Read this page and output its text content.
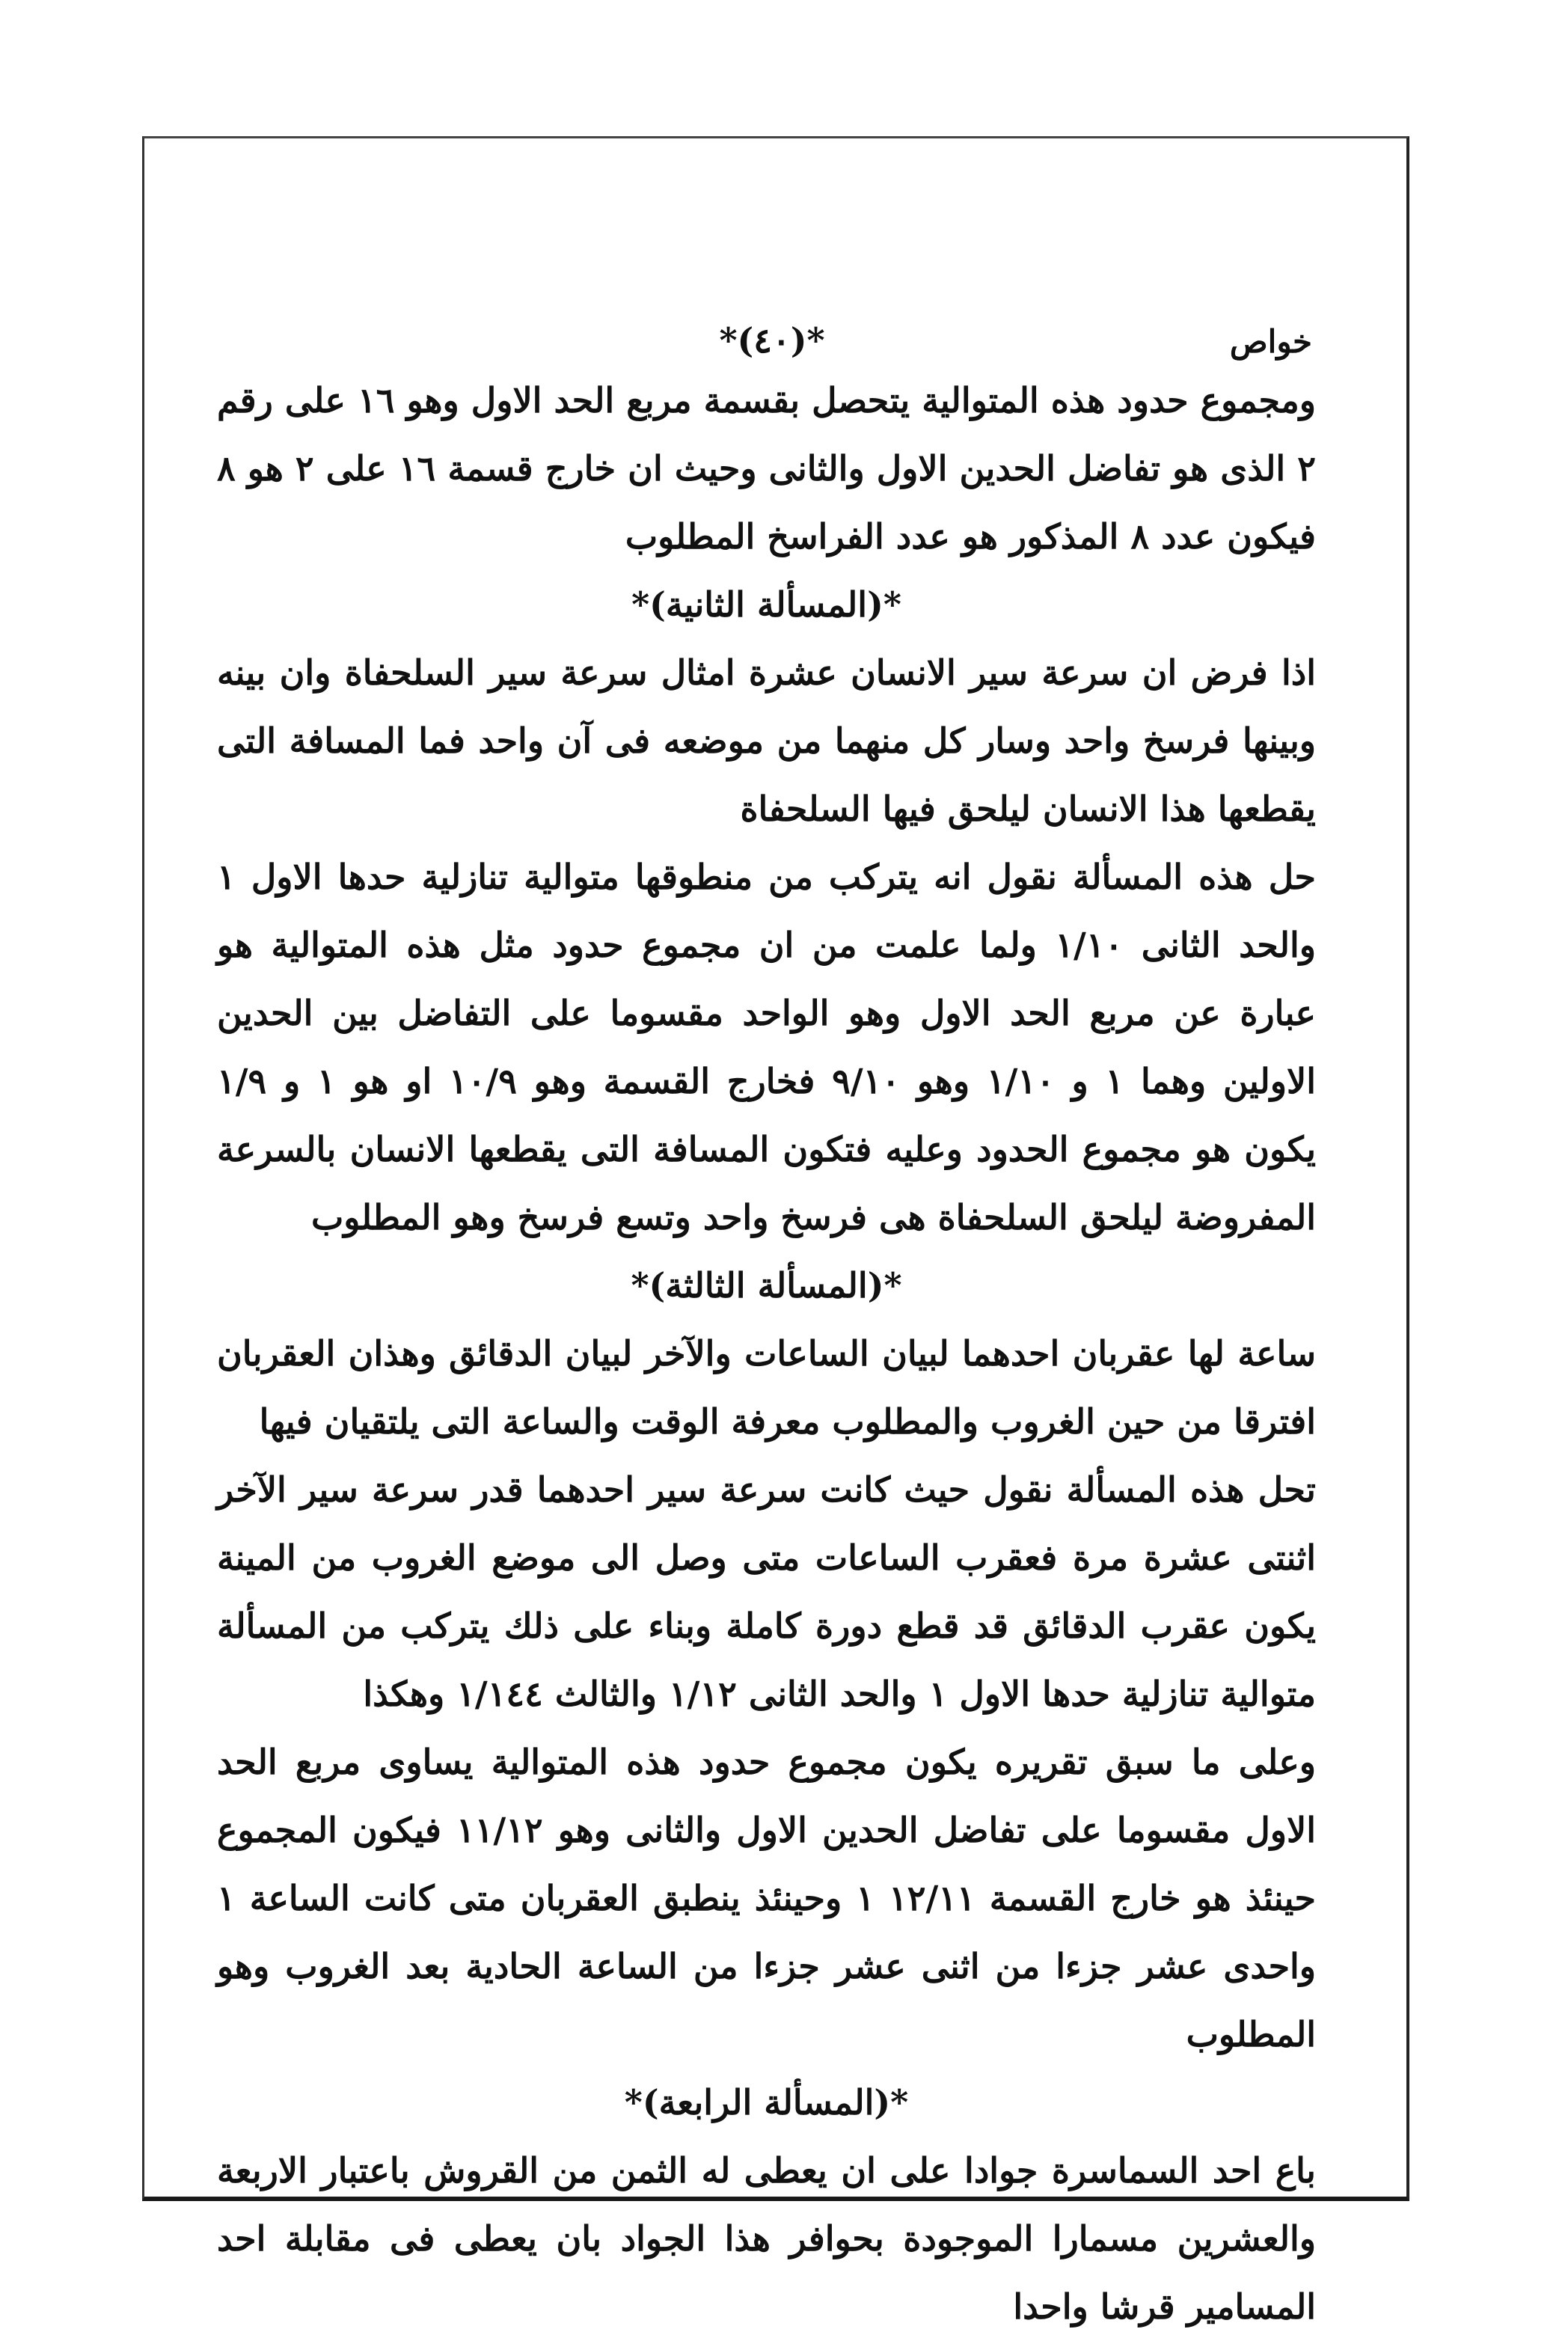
خواص
*(٤٠)*

ومجموع حدود هذه المتوالية يتحصل بقسمة مربع الحد الاول وهو ١٦ على رقم ٢ الذى هو تفاضل الحدين الاول والثانى وحيث ان خارج قسمة ١٦ على ٢ هو ٨ فيكون عدد ٨ المذكور هو عدد الفراسخ المطلوب

*(المسألة الثانية)*

اذا فرض ان سرعة سير الانسان عشرة امثال سرعة سير السلحفاة وان بينه وبينها فرسخ واحد وسار كل منهما من موضعه فى آن واحد فما المسافة التى يقطعها هذا الانسان ليلحق فيها السلحفاة

حل هذه المسألة نقول انه يتركب من منطوقها متوالية تنازلية حدها الاول ١ والحد الثانى ١/١٠ ولما علمت من ان مجموع حدود مثل هذه المتوالية هو عبارة عن مربع الحد الاول وهو الواحد مقسوما على التفاضل بين الحدين الاولين وهما ١ و ١/١٠ وهو ٩/١٠ فخارج القسمة وهو ١٠/٩ او هو ١ و ١/٩ يكون هو مجموع الحدود وعليه فتكون المسافة التى يقطعها الانسان بالسرعة المفروضة ليلحق السلحفاة هى فرسخ واحد وتسع فرسخ وهو المطلوب

*(المسألة الثالثة)*

ساعة لها عقربان احدهما لبيان الساعات والآخر لبيان الدقائق وهذان العقربان افترقا من حين الغروب والمطلوب معرفة الوقت والساعة التى يلتقيان فيها

تحل هذه المسألة نقول حيث كانت سرعة سير احدهما قدر سرعة سير الآخر اثنتى عشرة مرة فعقرب الساعات متى وصل الى موضع الغروب من المينة يكون عقرب الدقائق قد قطع دورة كاملة وبناء على ذلك يتركب من المسألة متوالية تنازلية حدها الاول ١ والحد الثانى ١/١٢ والثالث ١/١٤٤ وهكذا

وعلى ما سبق تقريره يكون مجموع حدود هذه المتوالية يساوى مربع الحد الاول مقسوما على تفاضل الحدين الاول والثانى وهو ١١/١٢ فيكون المجموع حينئذ هو خارج القسمة ١٢/١١ ١ وحينئذ ينطبق العقربان متى كانت الساعة ١ واحدى عشر جزءا من اثنى عشر جزءا من الساعة الحادية بعد الغروب وهو المطلوب

*(المسألة الرابعة)*

باع احد السماسرة جوادا على ان يعطى له الثمن من القروش باعتبار الاربعة والعشرين مسمارا الموجودة بحوافر هذا الجواد بان يعطى فى مقابلة احد المسامير قرشا واحدا
